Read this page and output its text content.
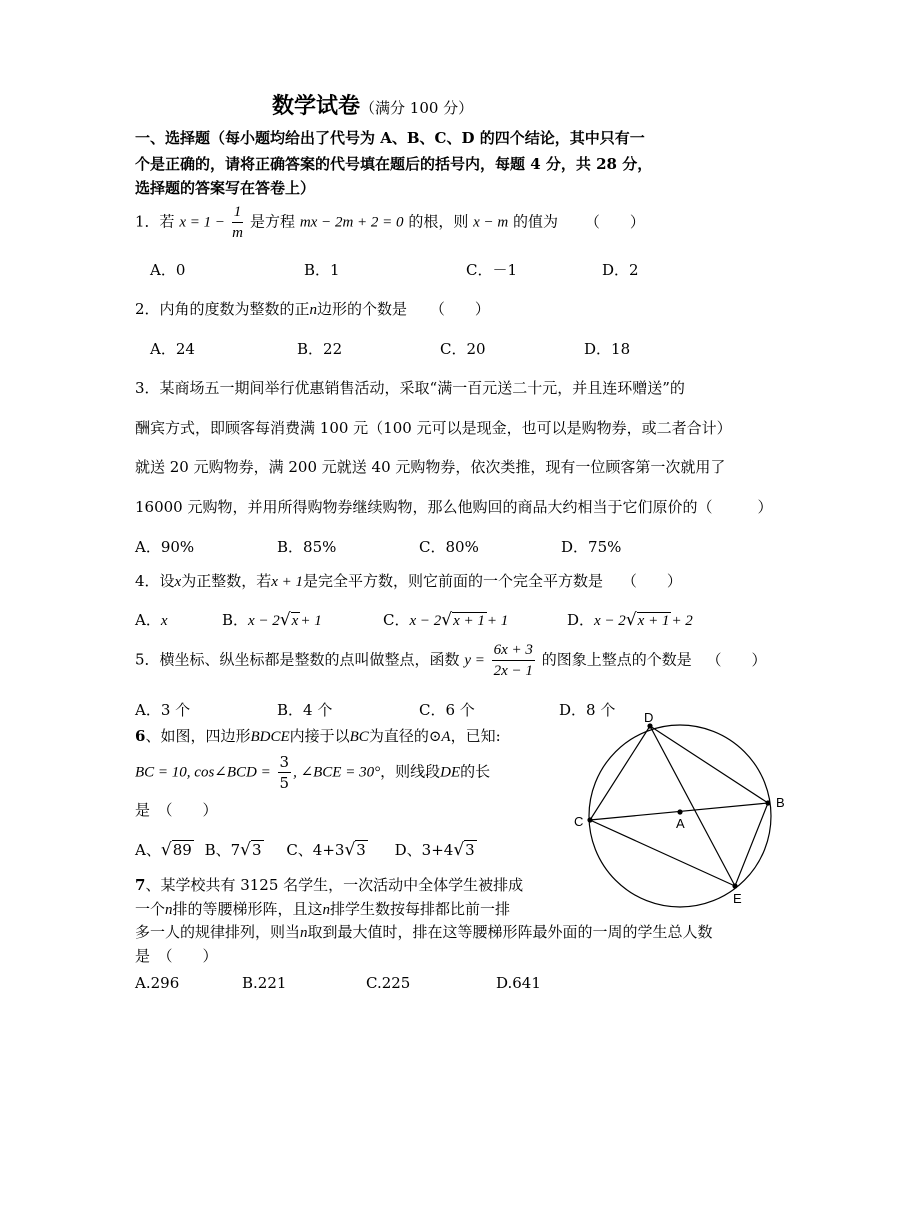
数学试卷（满分 100 分）
一、选择题（每小题均给出了代号为 A、B、C、D 的四个结论，其中只有一
个是正确的，请将正确答案的代号填在题后的括号内，每题 4 分，共 28 分，
选择题的答案写在答卷上）
1．若 $x = 1 - \frac{1}{m}$ 是方程 mx − 2m + 2 = 0 的根，则 x − m 的值为 （　　）
A．0	B．1	C．－1	D．2
2．内角的度数为整数的正n边形的个数是 （　　）
A．24	B．22	C．20	D．18
3．某商场五一期间举行优惠销售活动，采取“满一百元送二十元，并且连环赠送”的
酬宾方式，即顾客每消费满 100 元（100 元可以是现金，也可以是购物券，或二者合计）
就送 20 元购物券，满 200 元就送 40 元购物券，依次类推，现有一位顾客第一次就用了
16000 元购物，并用所得购物券继续购物，那么他购回的商品大约相当于它们原价的（　　　）
A．90%	B．85%	C．80%	D．75%
4．设x为正整数，若x + 1是完全平方数，则它前面的一个完全平方数是 （　　）
A．x	B．x − 2√x + 1	C．x − 2√x + 1 + 1	D．x − 2√x + 1 + 2
5．横坐标、纵坐标都是整数的点叫做整点，函数 $y = \frac{6x + 3}{2x - 1}$ 的图象上整点的个数是 （　　）
A．3 个	B．4 个	C．6 个	D．8 个
6、如图，四边形BDCE内接于以BC为直径的⊙A，已知:
BC = 10, cos∠BCD = $\frac{3}{5}$ , ∠BCE = 30°，则线段DE的长
是　（　　）
A、√89 B、7√3 C、4+3√3 D、3+4√3
D
B
C	A
E
7、某学校共有 3125 名学生，一次活动中全体学生被排成
一个n排的等腰梯形阵，且这n排学生数按每排都比前一排
多一人的规律排列，则当n取到最大值时，排在这等腰梯形阵最外面的一周的学生总人数
是　（　　）
A.296	B.221	C.225	D.641
